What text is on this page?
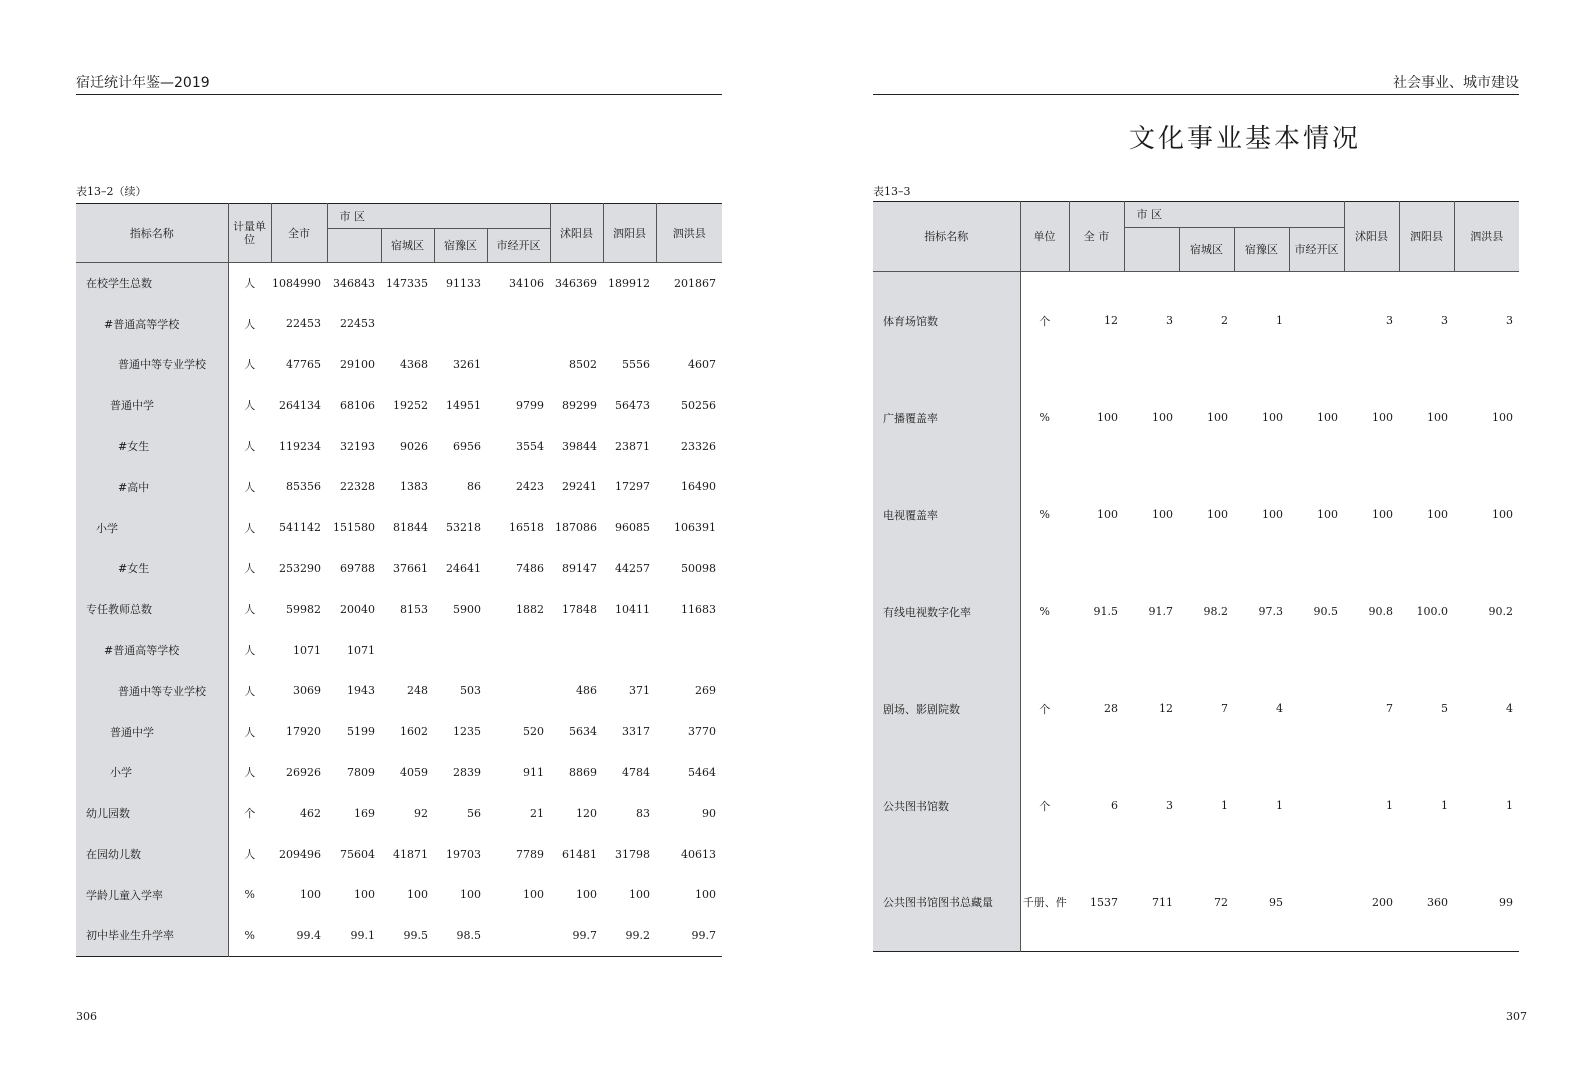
宿迁统计年鉴—2019
表13–2（续）
指标名称	计量单位	全市	市 区				沭阳县	泗阳县	泗洪县
				宿城区	宿豫区	市经开区			
在校学生总数	人	1084990	346843	147335	91133	34106	346369	189912	201867
#普通高等学校	人	22453	22453						
普通中等专业学校	人	47765	29100	4368	3261		8502	5556	4607
普通中学	人	264134	68106	19252	14951	9799	89299	56473	50256
#女生	人	119234	32193	9026	6956	3554	39844	23871	23326
#高中	人	85356	22328	1383	86	2423	29241	17297	16490
小学	人	541142	151580	81844	53218	16518	187086	96085	106391
#女生	人	253290	69788	37661	24641	7486	89147	44257	50098
专任教师总数	人	59982	20040	8153	5900	1882	17848	10411	11683
#普通高等学校	人	1071	1071						
普通中等专业学校	人	3069	1943	248	503		486	371	269
普通中学	人	17920	5199	1602	1235	520	5634	3317	3770
小学	人	26926	7809	4059	2839	911	8869	4784	5464
幼儿园数	个	462	169	92	56	21	120	83	90
在园幼儿数	人	209496	75604	41871	19703	7789	61481	31798	40613
学龄儿童入学率	%	100	100	100	100	100	100	100	100
初中毕业生升学率	%	99.4	99.1	99.5	98.5		99.7	99.2	99.7
306
社会事业、城市建设
文化事业基本情况
表13–3
指标名称	单位	全 市	市 区				沭阳县	泗阳县	泗洪县
				宿城区	宿豫区	市经开区			

体育场馆数	个	12	3	2	1		3	3	3
广播覆盖率	%	100	100	100	100	100	100	100	100
电视覆盖率	%	100	100	100	100	100	100	100	100
有线电视数字化率	%	91.5	91.7	98.2	97.3	90.5	90.8	100.0	90.2
剧场、影剧院数	个	28	12	7	4		7	5	4
公共图书馆数	个	6	3	1	1		1	1	1
公共图书馆图书总藏量	千册、件	1537	711	72	95		200	360	99
307
